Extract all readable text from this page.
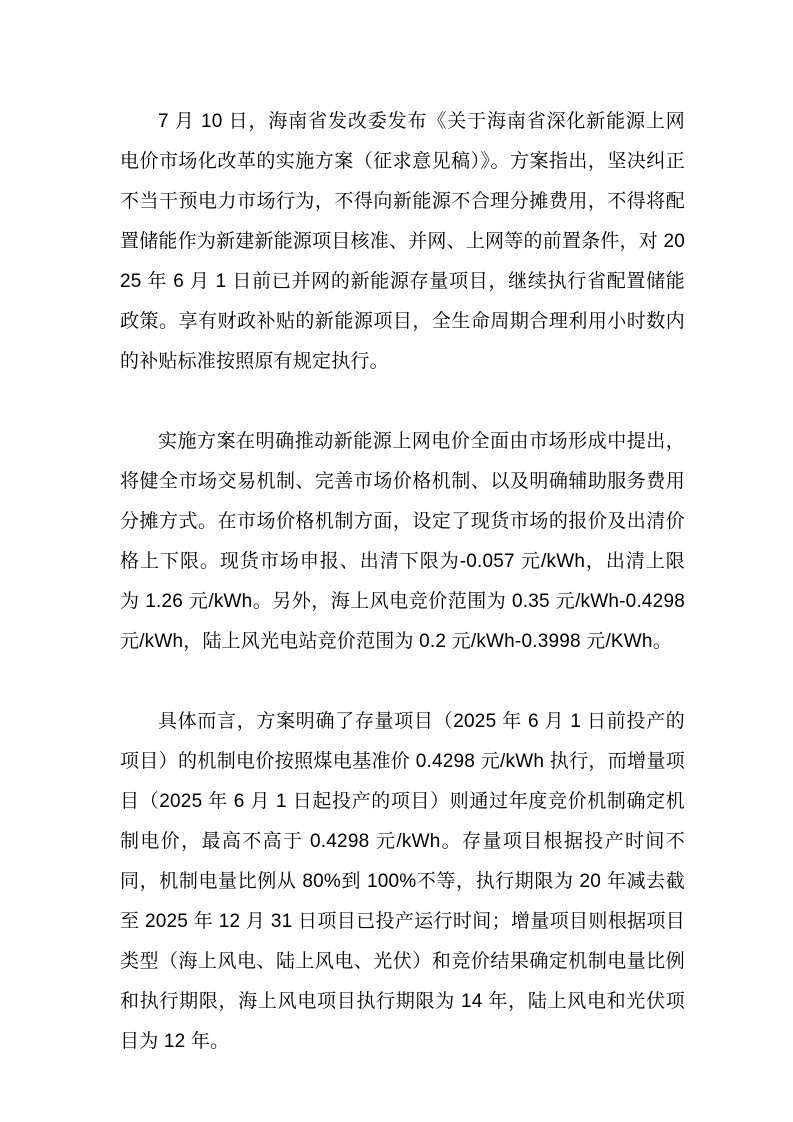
7 月 10 日，海南省发改委发布《关于海南省深化新能源上网电价市场化改革的实施方案（征求意见稿）》。方案指出，坚决纠正不当干预电力市场行为，不得向新能源不合理分摊费用，不得将配置储能作为新建新能源项目核准、并网、上网等的前置条件，对 2025 年 6 月 1 日前已并网的新能源存量项目，继续执行省配置储能政策。享有财政补贴的新能源项目，全生命周期合理利用小时数内的补贴标准按照原有规定执行。

实施方案在明确推动新能源上网电价全面由市场形成中提出，将健全市场交易机制、完善市场价格机制、以及明确辅助服务费用分摊方式。在市场价格机制方面，设定了现货市场的报价及出清价格上下限。现货市场申报、出清下限为-0.057 元/kWh，出清上限为 1.26 元/kWh。另外，海上风电竞价范围为 0.35 元/kWh-0.4298 元/kWh，陆上风光电站竞价范围为 0.2 元/kWh-0.3998 元/KWh。

具体而言，方案明确了存量项目（2025 年 6 月 1 日前投产的项目）的机制电价按照煤电基准价 0.4298 元/kWh 执行，而增量项目（2025 年 6 月 1 日起投产的项目）则通过年度竞价机制确定机制电价，最高不高于 0.4298 元/kWh。存量项目根据投产时间不同，机制电量比例从 80%到 100%不等，执行期限为 20 年减去截至 2025 年 12 月 31 日项目已投产运行时间；增量项目则根据项目类型（海上风电、陆上风电、光伏）和竞价结果确定机制电量比例和执行期限，海上风电项目执行期限为 14 年，陆上风电和光伏项目为 12 年。
